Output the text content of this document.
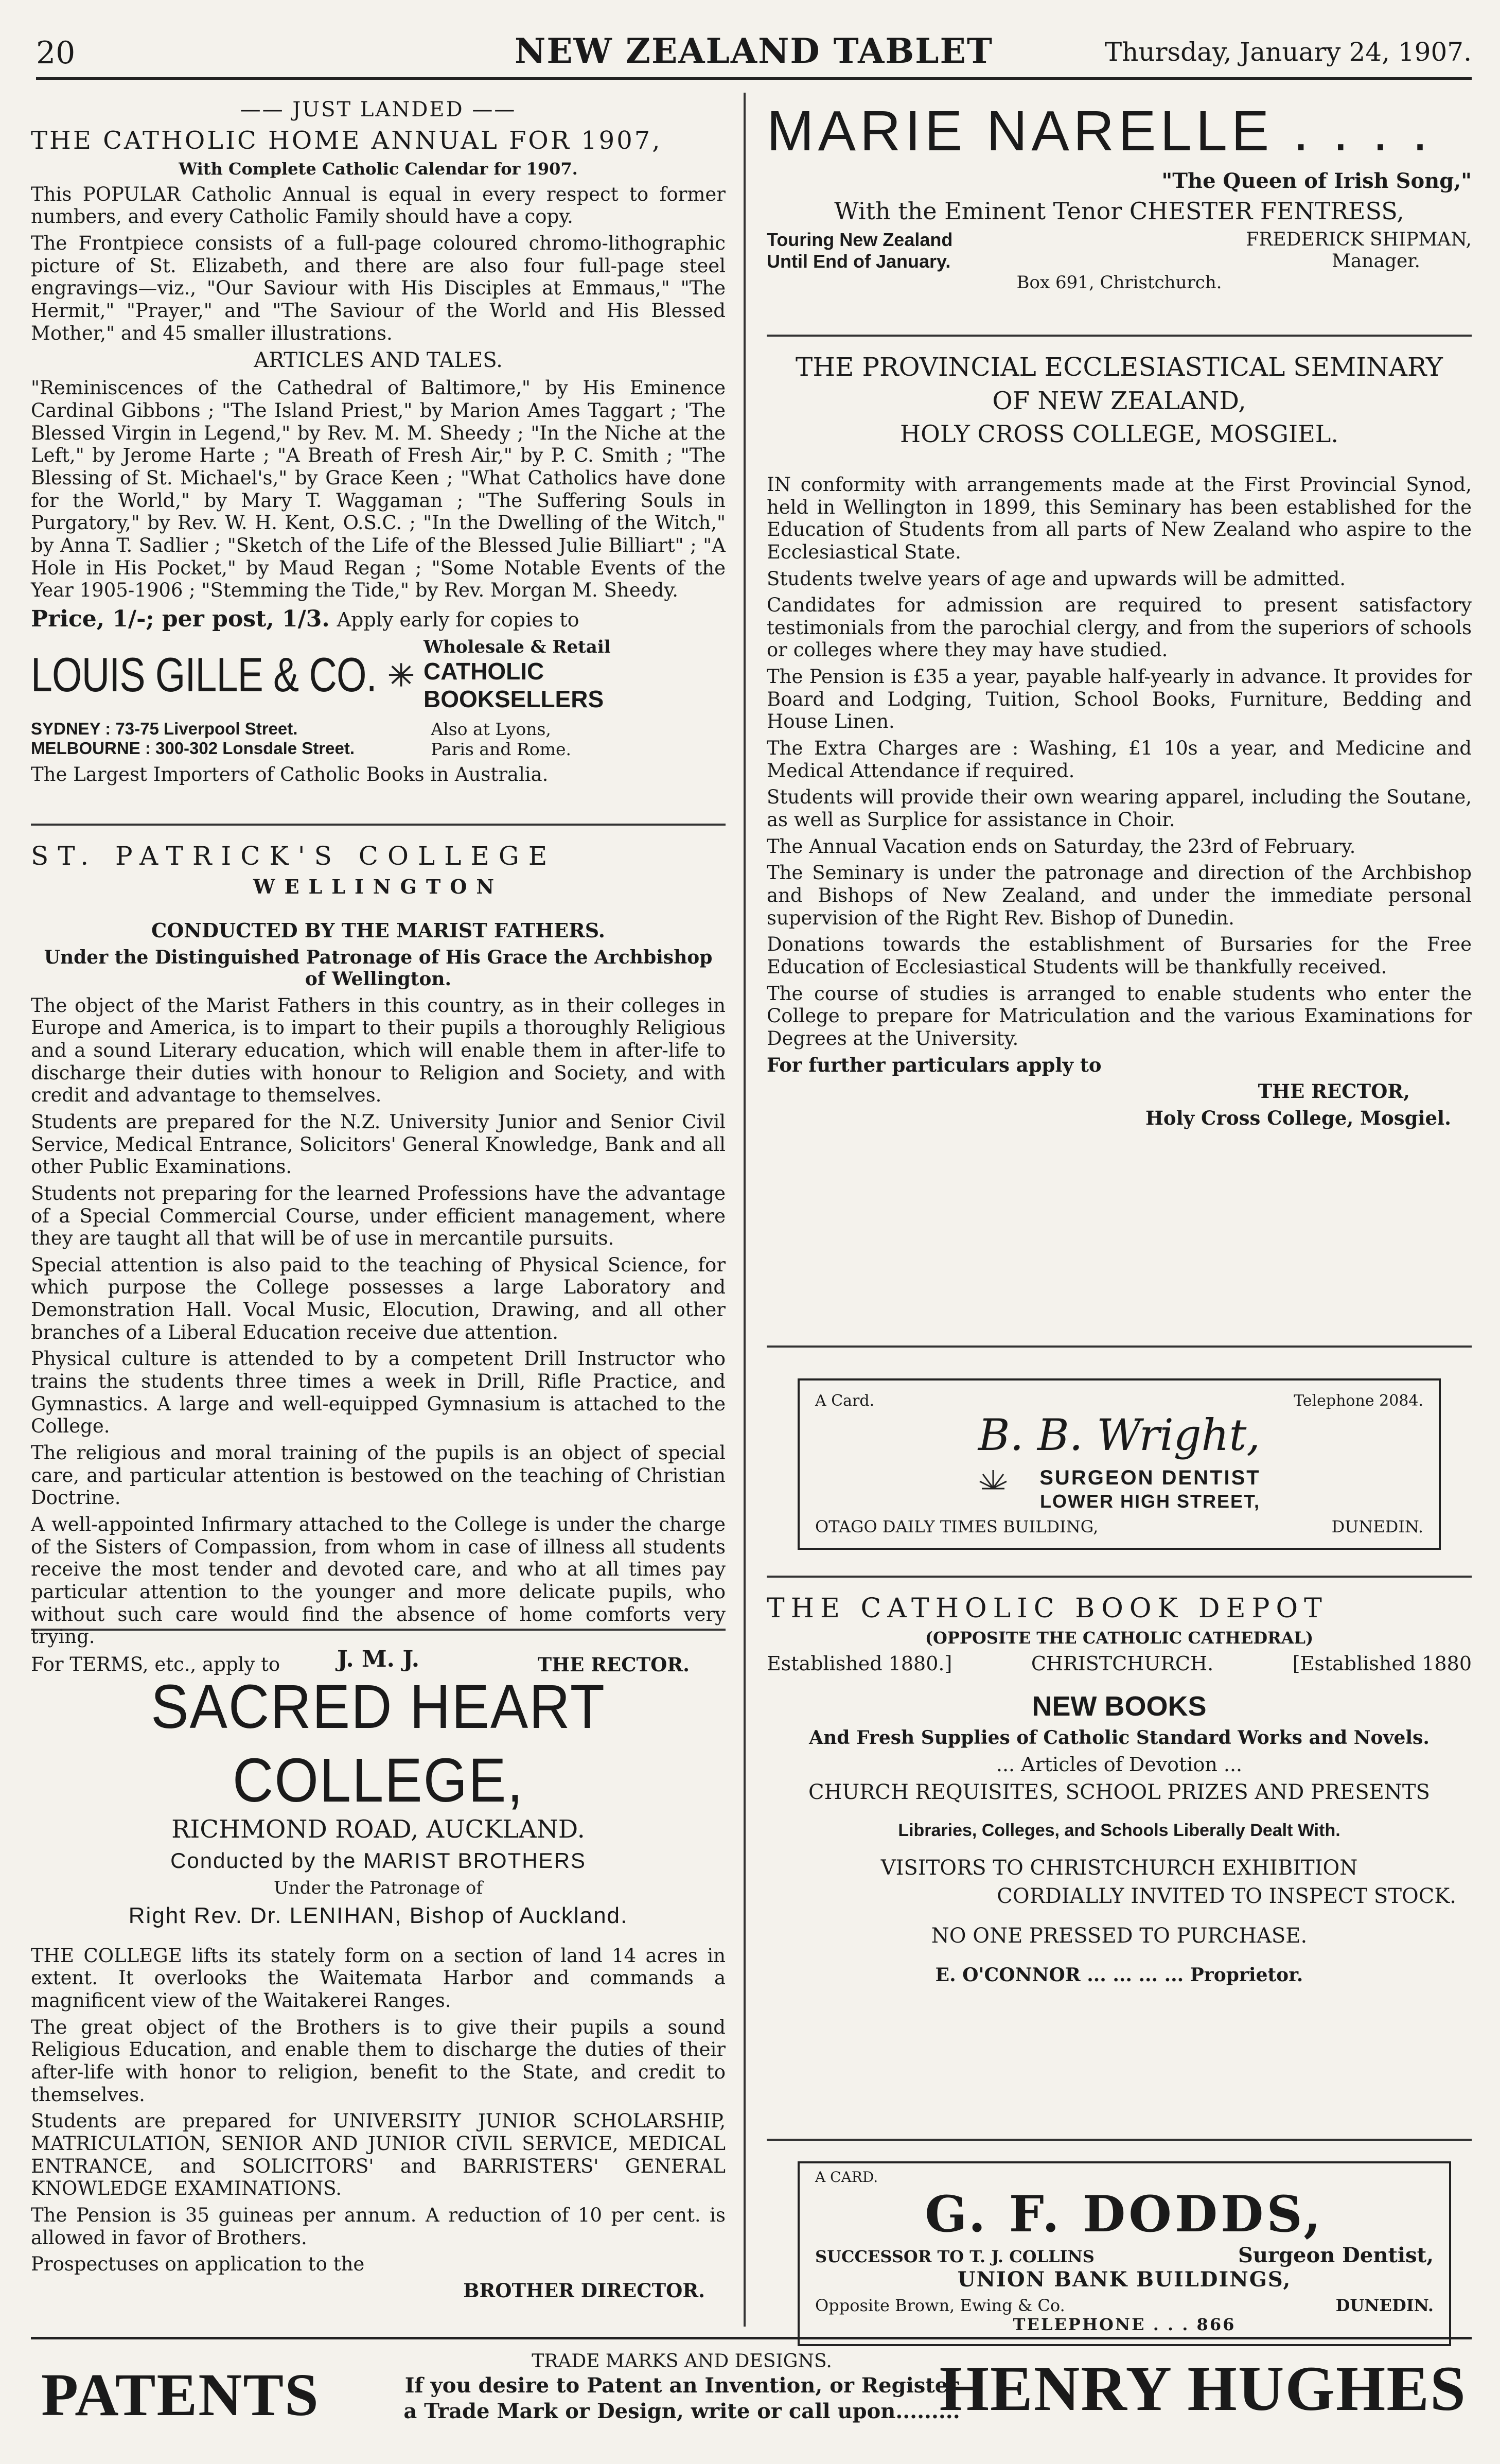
20	NEW ZEALAND TABLET	Thursday, January 24, 1907.

—— JUST LANDED ——

THE CATHOLIC HOME ANNUAL FOR 1907,

With Complete Catholic Calendar for 1907.

This POPULAR Catholic Annual is equal in every respect to former numbers, and every Catholic Family should have a copy.

The Frontpiece consists of a full-page coloured chromo-lithographic picture of St. Elizabeth, and there are also four full-page steel engravings—viz., "Our Saviour with His Disciples at Emmaus," "The Hermit," "Prayer," and "The Saviour of the World and His Blessed Mother," and 45 smaller illustrations.

ARTICLES AND TALES.

"Reminiscences of the Cathedral of Baltimore," by His Eminence Cardinal Gibbons ; "The Island Priest," by Marion Ames Taggart ; 'The Blessed Virgin in Legend," by Rev. M. M. Sheedy ; "In the Niche at the Left," by Jerome Harte ; "A Breath of Fresh Air," by P. C. Smith ; "The Blessing of St. Michael's," by Grace Keen ; "What Catholics have done for the World," by Mary T. Waggaman ; "The Suffering Souls in Purgatory," by Rev. W. H. Kent, O.S.C. ; "In the Dwelling of the Witch," by Anna T. Sadlier ; "Sketch of the Life of the Blessed Julie Billiart" ; "A Hole in His Pocket," by Maud Regan ; "Some Notable Events of the Year 1905-1906 ; "Stemming the Tide," by Rev. Morgan M. Sheedy.

Price, 1/-; per post, 1/3. Apply early for copies to

LOUIS GILLE & CO.
Wholesale & Retail
CATHOLIC BOOKSELLERS
SYDNEY : 73-75 Liverpool Street.
MELBOURNE : 300-302 Lonsdale Street.
Also at Lyons,
Paris and Rome.

The Largest Importers of Catholic Books in Australia.

ST. PATRICK'S COLLEGE

WELLINGTON

CONDUCTED BY THE MARIST FATHERS.

Under the Distinguished Patronage of His Grace the Archbishop of Wellington.

The object of the Marist Fathers in this country, as in their colleges in Europe and America, is to impart to their pupils a thoroughly Religious and a sound Literary education, which will enable them in after-life to discharge their duties with honour to Religion and Society, and with credit and advantage to themselves.

Students are prepared for the N.Z. University Junior and Senior Civil Service, Medical Entrance, Solicitors' General Knowledge, Bank and all other Public Examinations.

Students not preparing for the learned Professions have the advantage of a Special Commercial Course, under efficient management, where they are taught all that will be of use in mercantile pursuits.

Special attention is also paid to the teaching of Physical Science, for which purpose the College possesses a large Laboratory and Demonstration Hall. Vocal Music, Elocution, Drawing, and all other branches of a Liberal Education receive due attention.

Physical culture is attended to by a competent Drill Instructor who trains the students three times a week in Drill, Rifle Practice, and Gymnastics. A large and well-equipped Gymnasium is attached to the College.

The religious and moral training of the pupils is an object of special care, and particular attention is bestowed on the teaching of Christian Doctrine.

A well-appointed Infirmary attached to the College is under the charge of the Sisters of Compassion, from whom in case of illness all students receive the most tender and devoted care, and who at all times pay particular attention to the younger and more delicate pupils, who without such care would find the absence of home comforts very trying.

For TERMS, etc., apply to	THE RECTOR.

J. M. J.

SACRED HEART COLLEGE,

RICHMOND ROAD, AUCKLAND.

Conducted by the MARIST BROTHERS

Under the Patronage of

Right Rev. Dr. LENIHAN, Bishop of Auckland.

THE COLLEGE lifts its stately form on a section of land 14 acres in extent. It overlooks the Waitemata Harbor and commands a magnificent view of the Waitakerei Ranges.

The great object of the Brothers is to give their pupils a sound Religious Education, and enable them to discharge the duties of their after-life with honor to religion, benefit to the State, and credit to themselves.

Students are prepared for UNIVERSITY JUNIOR SCHOLARSHIP, MATRICULATION, SENIOR AND JUNIOR CIVIL SERVICE, MEDICAL ENTRANCE, and SOLICITORS' and BARRISTERS' GENERAL KNOWLEDGE EXAMINATIONS.

The Pension is 35 guineas per annum. A reduction of 10 per cent. is allowed in favor of Brothers.

Prospectuses on application to the

BROTHER DIRECTOR.

MARIE NARELLE . . . .

"The Queen of Irish Song,"

With the Eminent Tenor CHESTER FENTRESS,

Touring New Zealand	FREDERICK SHIPMAN,
Until End of January.	Manager.

Box 691, Christchurch.

THE PROVINCIAL ECCLESIASTICAL SEMINARY

OF NEW ZEALAND,

HOLY CROSS COLLEGE, MOSGIEL.

IN conformity with arrangements made at the First Provincial Synod, held in Wellington in 1899, this Seminary has been established for the Education of Students from all parts of New Zealand who aspire to the Ecclesiastical State.

Students twelve years of age and upwards will be admitted.

Candidates for admission are required to present satisfactory testimonials from the parochial clergy, and from the superiors of schools or colleges where they may have studied.

The Pension is £35 a year, payable half-yearly in advance. It provides for Board and Lodging, Tuition, School Books, Furniture, Bedding and House Linen.

The Extra Charges are : Washing, £1 10s a year, and Medicine and Medical Attendance if required.

Students will provide their own wearing apparel, including the Soutane, as well as Surplice for assistance in Choir.

The Annual Vacation ends on Saturday, the 23rd of February.

The Seminary is under the patronage and direction of the Archbishop and Bishops of New Zealand, and under the immediate personal supervision of the Right Rev. Bishop of Dunedin.

Donations towards the establishment of Bursaries for the Free Education of Ecclesiastical Students will be thankfully received.

The course of studies is arranged to enable students who enter the College to prepare for Matriculation and the various Examinations for Degrees at the University.

For further particulars apply to

THE RECTOR,

Holy Cross College, Mosgiel.

A Card.	Telephone 2084.

B. B. Wright,

SURGEON DENTIST

LOWER HIGH STREET,

OTAGO DAILY TIMES BUILDING,	DUNEDIN.

THE CATHOLIC BOOK DEPOT

(OPPOSITE THE CATHOLIC CATHEDRAL)

Established 1880.]	CHRISTCHURCH.	[Established 1880

NEW BOOKS

And Fresh Supplies of Catholic Standard Works and Novels.

... Articles of Devotion ...

CHURCH REQUISITES, SCHOOL PRIZES AND PRESENTS

Libraries, Colleges, and Schools Liberally Dealt With.

VISITORS TO CHRISTCHURCH EXHIBITION

CORDIALLY INVITED TO INSPECT STOCK.

NO ONE PRESSED TO PURCHASE.

E. O'CONNOR ... ... ... ... Proprietor.

A CARD.

G. F. DODDS,

SUCCESSOR TO T. J. COLLINS	Surgeon Dentist,

UNION BANK BUILDINGS,

Opposite Brown, Ewing & Co.	DUNEDIN.

TELEPHONE . . . 866

PATENTS	TRADE MARKS AND DESIGNS.
If you desire to Patent an Invention, or Register
a Trade Mark or Design, write or call upon.........
HENRY HUGHES
